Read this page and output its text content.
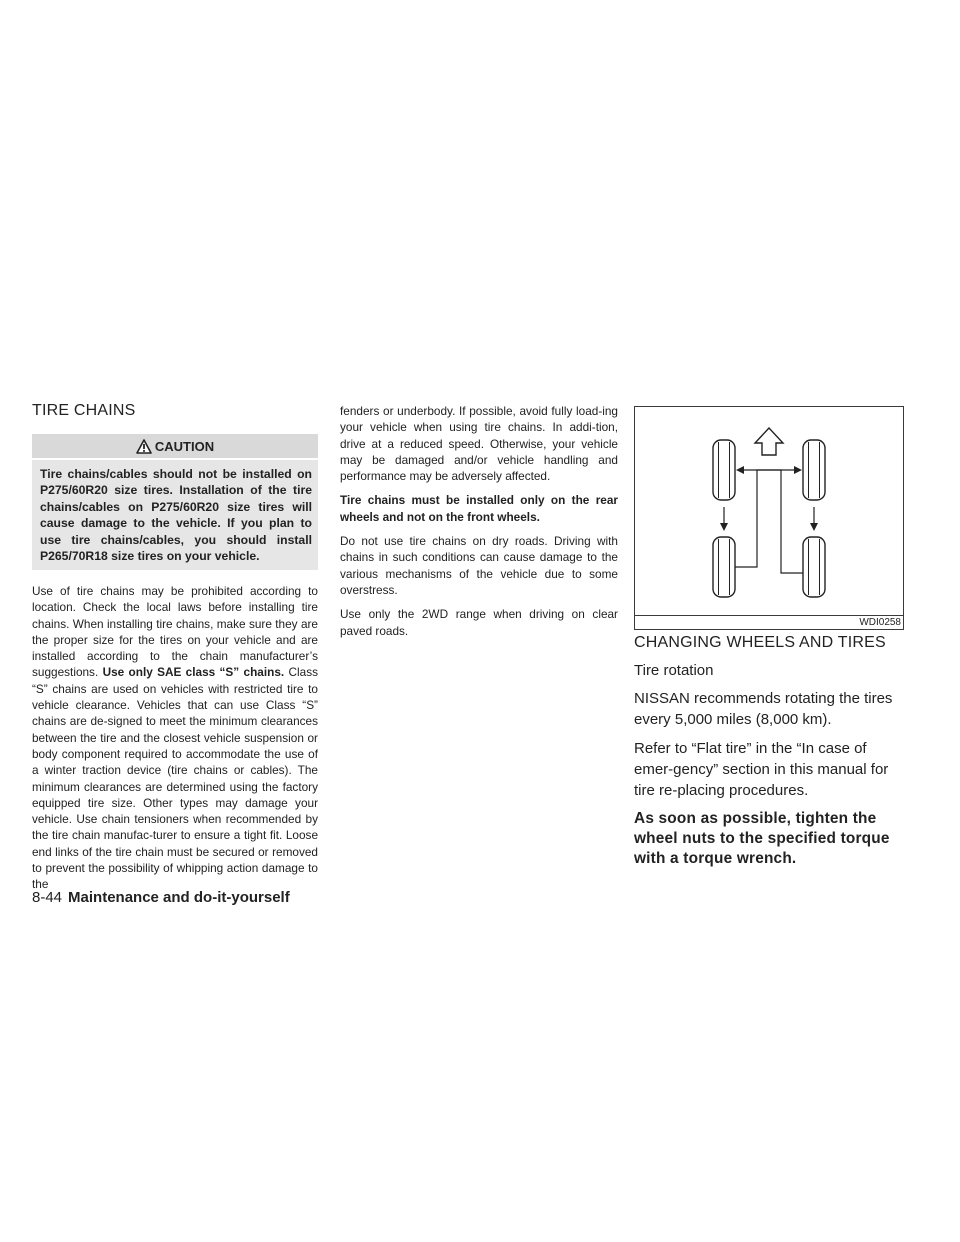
TIRE CHAINS
CAUTION
Tire chains/cables should not be installed on P275/60R20 size tires. Installation of the tire chains/cables on P275/60R20 size tires will cause damage to the vehicle. If you plan to use tire chains/cables, you should install P265/70R18 size tires on your vehicle.

Use of tire chains may be prohibited according to location. Check the local laws before installing tire chains. When installing tire chains, make sure they are the proper size for the tires on your vehicle and are installed according to the chain manufacturer’s suggestions. Use only SAE class “S” chains. Class “S” chains are used on vehicles with restricted tire to vehicle clearance. Vehicles that can use Class “S” chains are de-signed to meet the minimum clearances between the tire and the closest vehicle suspension or body component required to accommodate the use of a winter traction device (tire chains or cables). The minimum clearances are determined using the factory equipped tire size. Other types may damage your vehicle. Use chain tensioners when recommended by the tire chain manufac-turer to ensure a tight fit. Loose end links of the tire chain must be secured or removed to prevent the possibility of whipping action damage to the

fenders or underbody. If possible, avoid fully load-ing your vehicle when using tire chains. In addi-tion, drive at a reduced speed. Otherwise, your vehicle may be damaged and/or vehicle handling and performance may be adversely affected.

Tire chains must be installed only on the rear wheels and not on the front wheels.

Do not use tire chains on dry roads. Driving with chains in such conditions can cause damage to the various mechanisms of the vehicle due to some overstress.

Use only the 2WD range when driving on clear paved roads.

WDI0258
CHANGING WHEELS AND TIRES
Tire rotation

NISSAN recommends rotating the tires every 5,000 miles (8,000 km).

Refer to “Flat tire” in the “In case of emer-gency” section in this manual for tire re-placing procedures.

As soon as possible, tighten the wheel nuts to the specified torque with a torque wrench.

8-44 Maintenance and do-it-yourself
